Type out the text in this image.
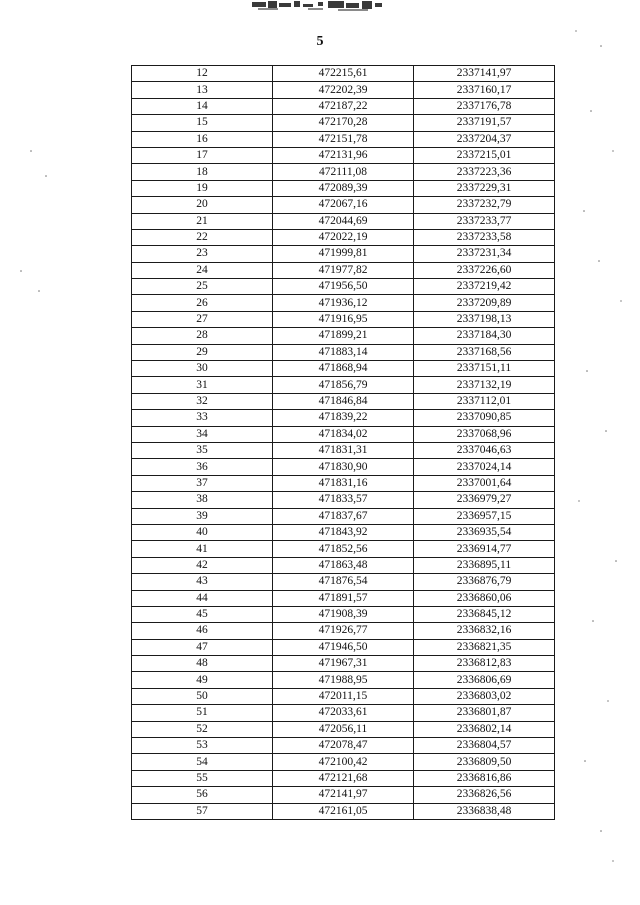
5
12	472215,61	2337141,97
13	472202,39	2337160,17
14	472187,22	2337176,78
15	472170,28	2337191,57
16	472151,78	2337204,37
17	472131,96	2337215,01
18	472111,08	2337223,36
19	472089,39	2337229,31
20	472067,16	2337232,79
21	472044,69	2337233,77
22	472022,19	2337233,58
23	471999,81	2337231,34
24	471977,82	2337226,60
25	471956,50	2337219,42
26	471936,12	2337209,89
27	471916,95	2337198,13
28	471899,21	2337184,30
29	471883,14	2337168,56
30	471868,94	2337151,11
31	471856,79	2337132,19
32	471846,84	2337112,01
33	471839,22	2337090,85
34	471834,02	2337068,96
35	471831,31	2337046,63
36	471830,90	2337024,14
37	471831,16	2337001,64
38	471833,57	2336979,27
39	471837,67	2336957,15
40	471843,92	2336935,54
41	471852,56	2336914,77
42	471863,48	2336895,11
43	471876,54	2336876,79
44	471891,57	2336860,06
45	471908,39	2336845,12
46	471926,77	2336832,16
47	471946,50	2336821,35
48	471967,31	2336812,83
49	471988,95	2336806,69
50	472011,15	2336803,02
51	472033,61	2336801,87
52	472056,11	2336802,14
53	472078,47	2336804,57
54	472100,42	2336809,50
55	472121,68	2336816,86
56	472141,97	2336826,56
57	472161,05	2336838,48
